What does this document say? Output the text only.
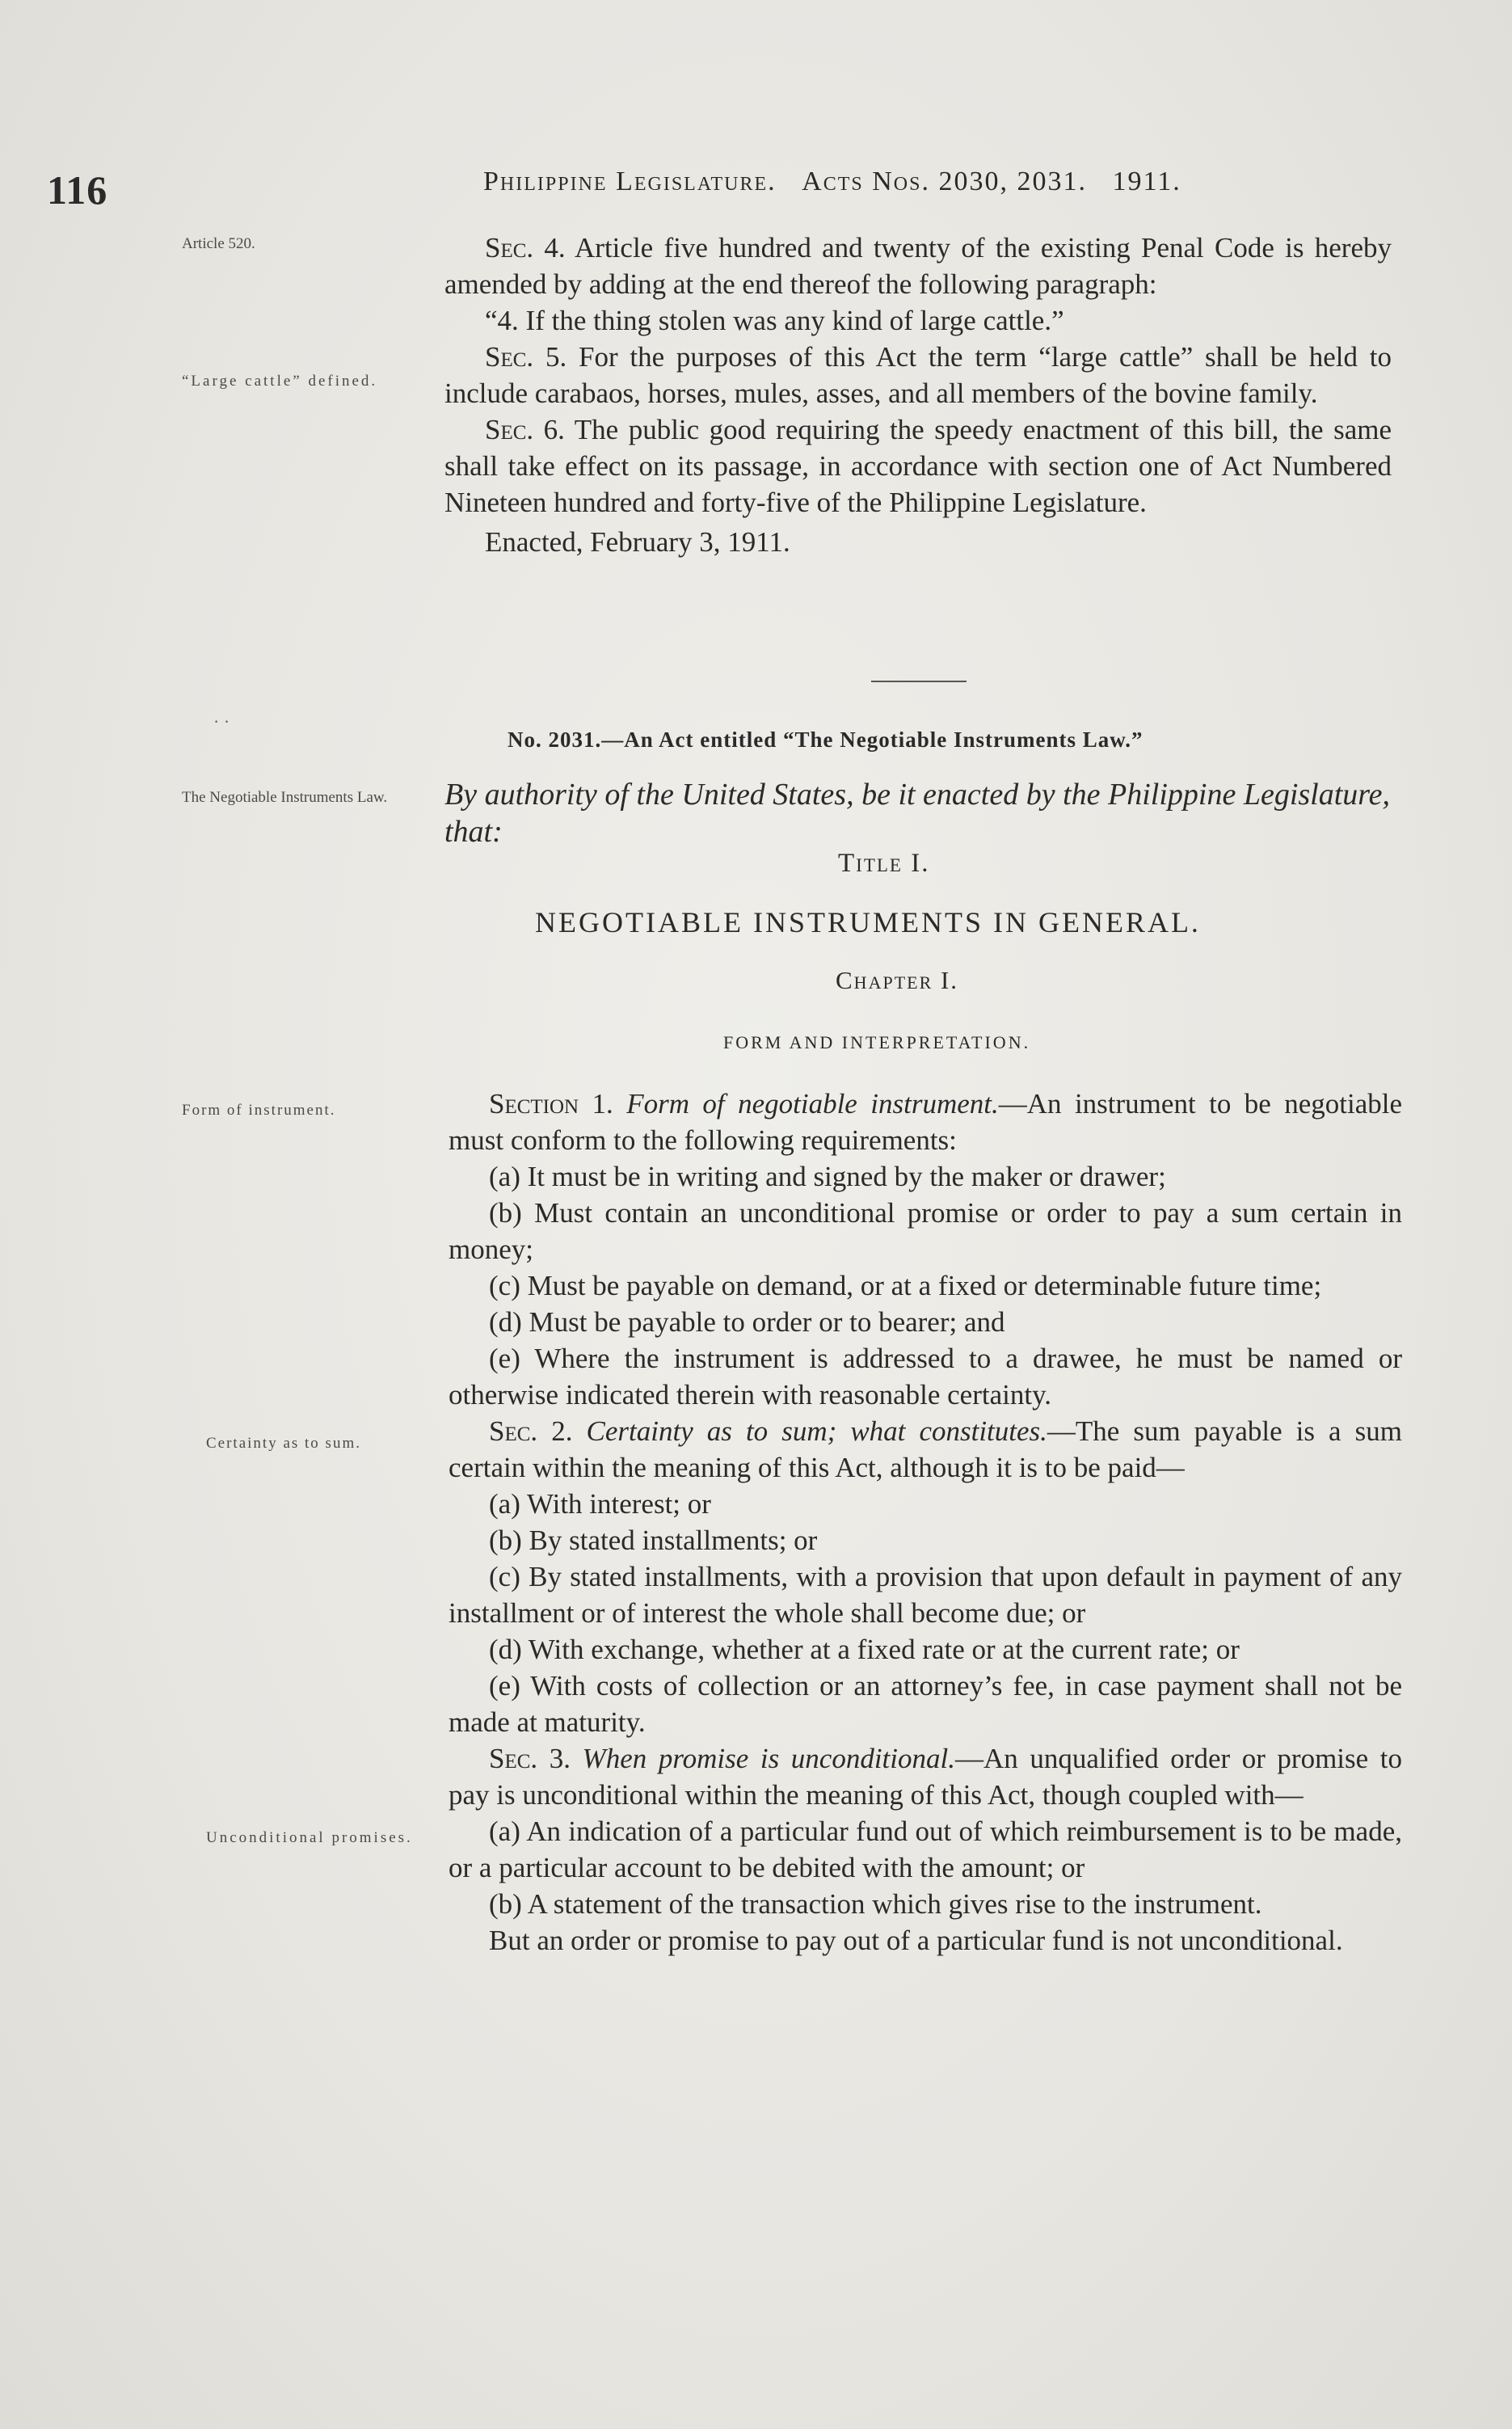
116	Philippine Legislature. Acts Nos. 2030, 2031. 1911.
Article 520.
“Large cattle” defined.
The Negotiable Instruments Law.
Form of instrument.
Certainty as to sum.
Unconditional promises.

Sec. 4. Article five hundred and twenty of the existing Penal Code is hereby amended by adding at the end thereof the following paragraph:

“4. If the thing stolen was any kind of large cattle.”

Sec. 5. For the purposes of this Act the term “large cattle” shall be held to include carabaos, horses, mules, asses, and all members of the bovine family.

Sec. 6. The public good requiring the speedy enactment of this bill, the same shall take effect on its passage, in accordance with section one of Act Numbered Nineteen hundred and forty-five of the Philippine Legislature.

Enacted, February 3, 1911.

· ·
No. 2031.—An Act entitled “The Negotiable Instruments Law.”
By authority of the United States, be it enacted by the Philippine Legislature, that:
Title I.
NEGOTIABLE INSTRUMENTS IN GENERAL.
Chapter I.
FORM AND INTERPRETATION.

Section 1. Form of negotiable instrument.—An instrument to be negotiable must conform to the following requirements:

(a) It must be in writing and signed by the maker or drawer;

(b) Must contain an unconditional promise or order to pay a sum certain in money;

(c) Must be payable on demand, or at a fixed or determinable future time;

(d) Must be payable to order or to bearer; and

(e) Where the instrument is addressed to a drawee, he must be named or otherwise indicated therein with reasonable certainty.

Sec. 2. Certainty as to sum; what constitutes.—The sum payable is a sum certain within the meaning of this Act, although it is to be paid—

(a) With interest; or

(b) By stated installments; or

(c) By stated installments, with a provision that upon default in payment of any installment or of interest the whole shall become due; or

(d) With exchange, whether at a fixed rate or at the current rate; or

(e) With costs of collection or an attorney’s fee, in case payment shall not be made at maturity.

Sec. 3. When promise is unconditional.—An unqualified order or promise to pay is unconditional within the meaning of this Act, though coupled with—

(a) An indication of a particular fund out of which reimbursement is to be made, or a particular account to be debited with the amount; or

(b) A statement of the transaction which gives rise to the instrument.

But an order or promise to pay out of a particular fund is not unconditional.
